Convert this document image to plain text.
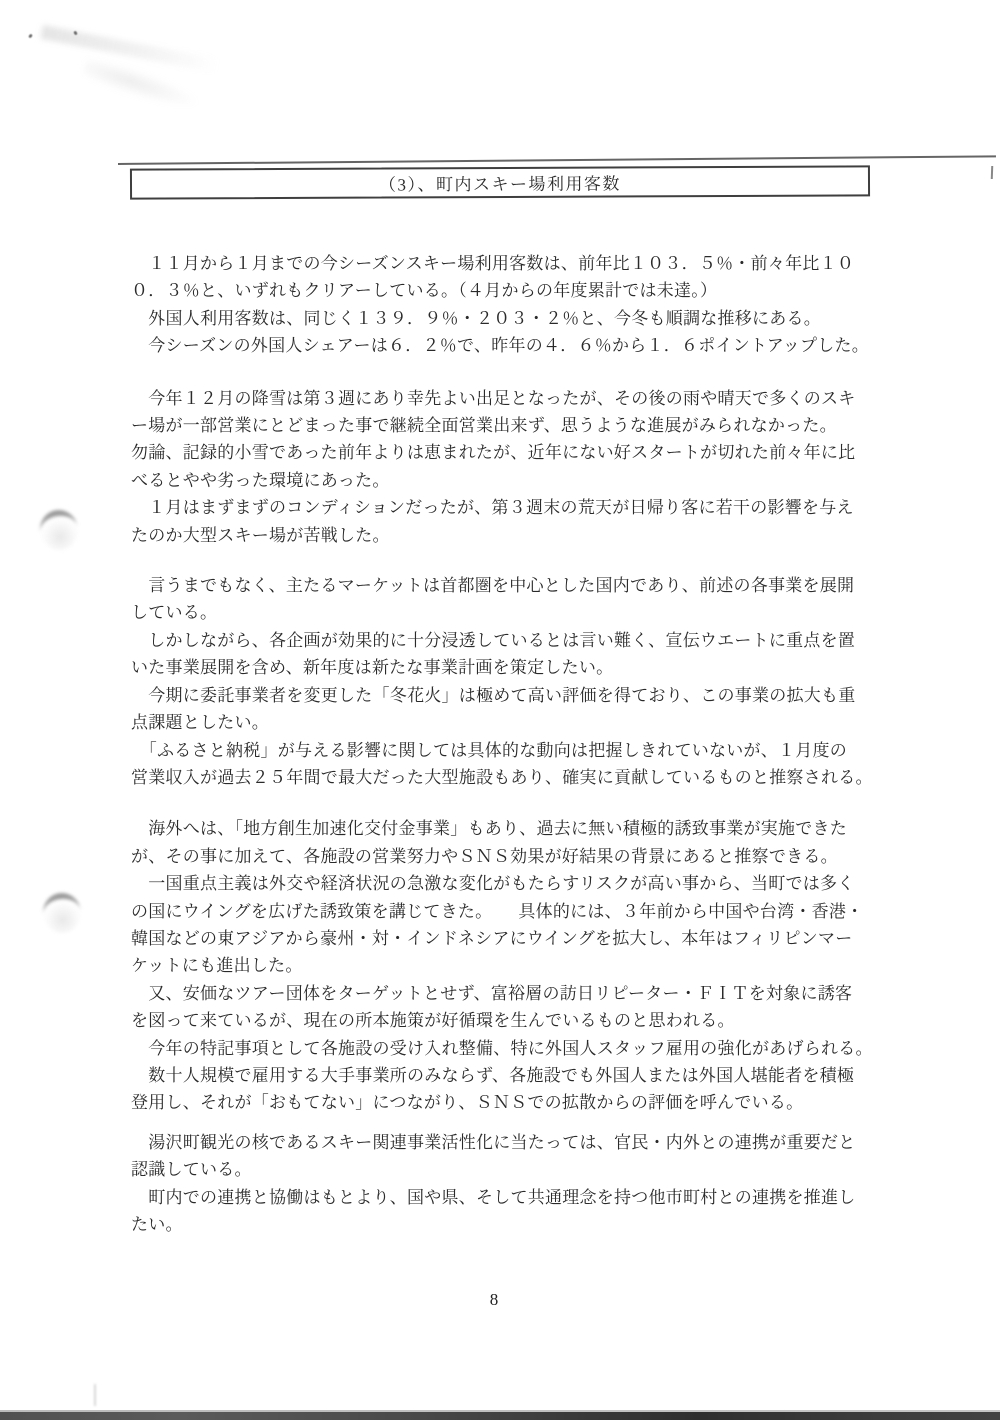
（3）、町内スキー場利用客数
　１１月から１月までの今シーズンスキー場利用客数は、前年比１０３．５％・前々年比１０
０．３％と、いずれもクリアーしている。（４月からの年度累計では未達。）
　外国人利用客数は、同じく１３９．９％・２０３・２％と、今冬も順調な推移にある。
　今シーズンの外国人シェアーは６．２％で、昨年の４．６％から１．６ポイントアップした。
　今年１２月の降雪は第３週にあり幸先よい出足となったが、その後の雨や晴天で多くのスキ
ー場が一部営業にとどまった事で継続全面営業出来ず、思うような進展がみられなかった。
勿論、記録的小雪であった前年よりは恵まれたが、近年にない好スタートが切れた前々年に比
べるとやや劣った環境にあった。
　１月はまずまずのコンディションだったが、第３週末の荒天が日帰り客に若干の影響を与え
たのか大型スキー場が苦戦した。
　言うまでもなく、主たるマーケットは首都圏を中心とした国内であり、前述の各事業を展開
している。
　しかしながら、各企画が効果的に十分浸透しているとは言い難く、宣伝ウエートに重点を置
いた事業展開を含め、新年度は新たな事業計画を策定したい。
　今期に委託事業者を変更した「冬花火」は極めて高い評価を得ており、この事業の拡大も重
点課題としたい。
　「ふるさと納税」が与える影響に関しては具体的な動向は把握しきれていないが、１月度の
営業収入が過去２５年間で最大だった大型施設もあり、確実に貢献しているものと推察される。
　海外へは、「地方創生加速化交付金事業」もあり、過去に無い積極的誘致事業が実施できた
が、その事に加えて、各施設の営業努力やＳＮＳ効果が好結果の背景にあると推察できる。
　一国重点主義は外交や経済状況の急激な変化がもたらすリスクが高い事から、当町では多く
の国にウイングを広げた誘致策を講じてきた。　　具体的には、３年前から中国や台湾・香港・
韓国などの東アジアから豪州・対・インドネシアにウイングを拡大し、本年はフィリピンマー
ケットにも進出した。
　又、安価なツアー団体をターゲットとせず、富裕層の訪日リピーター・ＦＩＴを対象に誘客
を図って来ているが、現在の所本施策が好循環を生んでいるものと思われる。
　今年の特記事項として各施設の受け入れ整備、特に外国人スタッフ雇用の強化があげられる。
　数十人規模で雇用する大手事業所のみならず、各施設でも外国人または外国人堪能者を積極
登用し、それが「おもてない」につながり、ＳＮＳでの拡散からの評価を呼んでいる。
　湯沢町観光の核であるスキー関連事業活性化に当たっては、官民・内外との連携が重要だと
認識している。
　町内での連携と協働はもとより、国や県、そして共通理念を持つ他市町村との連携を推進し
たい。
8
